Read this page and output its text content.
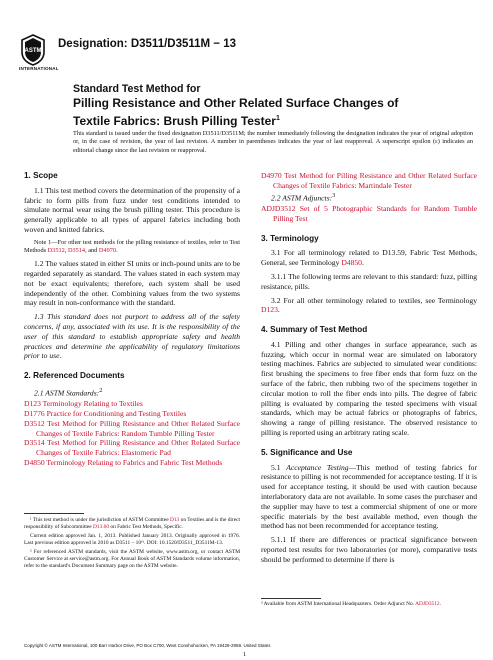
ASTM
INTERNATIONAL
Designation: D3511/D3511M − 13
Standard Test Method for
Pilling Resistance and Other Related Surface Changes of
Textile Fabrics: Brush Pilling Tester$^1$
This standard is issued under the fixed designation D3511/D3511M; the number immediately following the designation indicates the year of original adoption or, in the case of revision, the year of last revision. A number in parentheses indicates the year of last reapproval. A superscript epsilon (ε) indicates an editorial change since the last revision or reapproval.
1. Scope

1.1 This test method covers the determination of the propensity of a fabric to form pills from fuzz under test conditions intended to simulate normal wear using the brush pilling tester. This procedure is generally applicable to all types of apparel fabrics including both woven and knitted fabrics.

Note 1—For other test methods for the pilling resistance of textiles, refer to Test Methods D3512, D3514, and D4970.

1.2 The values stated in either SI units or inch-pound units are to be regarded separately as standard. The values stated in each system may not be exact equivalents; therefore, each system shall be used independently of the other. Combining values from the two systems may result in non-conformance with the standard.

1.3 This standard does not purport to address all of the safety concerns, if any, associated with its use. It is the responsibility of the user of this standard to establish appropriate safety and health practices and determine the applicability of regulatory limitations prior to use.

2. Referenced Documents

2.1 ASTM Standards:$^2$

D123 Terminology Relating to Textiles

D1776 Practice for Conditioning and Testing Textiles

D3512 Test Method for Pilling Resistance and Other Related Surface Changes of Textile Fabrics: Random Tumble Pilling Tester

D3514 Test Method for Pilling Resistance and Other Related Surface Changes of Textile Fabrics: Elastomeric Pad

D4850 Terminology Relating to Fabrics and Fabric Test Methods

¹ This test method is under the jurisdiction of ASTM Committee D13 on Textiles and is the direct responsibility of Subcommittee D13.60 on Fabric Test Methods, Specific.

Current edition approved Jan. 1, 2013. Published January 2013. Originally approved in 1976. Last previous edition approved in 2010 as D3511 – 10ᵉ¹. DOI: 10.1520/D3511_D3511M-13.

² For referenced ASTM standards, visit the ASTM website, www.astm.org, or contact ASTM Customer Service at service@astm.org. For Annual Book of ASTM Standards volume information, refer to the standard's Document Summary page on the ASTM website.

D4970 Test Method for Pilling Resistance and Other Related Surface Changes of Textile Fabrics: Martindale Tester

2.2 ASTM Adjuncts:$^3$

ADJD3512 Set of 5 Photographic Standards for Random Tumble Pilling Test

3. Terminology

3.1 For all terminology related to D13.59, Fabric Test Methods, General, see Terminology D4850.

3.1.1 The following terms are relevant to this standard: fuzz, pilling resistance, pills.

3.2 For all other terminology related to textiles, see Terminology D123.

4. Summary of Test Method

4.1 Pilling and other changes in surface appearance, such as fuzzing, which occur in normal wear are simulated on laboratory testing machines. Fabrics are subjected to simulated wear conditions: first brushing the specimens to free fiber ends that form fuzz on the surface of the fabric, then rubbing two of the specimens together in circular motion to roll the fiber ends into pills. The degree of fabric pilling is evaluated by comparing the tested specimens with visual standards, which may be actual fabrics or photographs of fabrics, showing a range of pilling resistance. The observed resistance to pilling is reported using an arbitrary rating scale.

5. Significance and Use

5.1 Acceptance Testing—This method of testing fabrics for resistance to pilling is not recommended for acceptance testing. If it is used for acceptance testing, it should be used with caution because interlaboratory data are not available. In some cases the purchaser and the supplier may have to test a commercial shipment of one or more specific materials by the best available method, even though the method has not been recommended for acceptance testing.

5.1.1 If there are differences or practical significance between reported test results for two laboratories (or more), comparative tests should be performed to determine if there is

³ Available from ASTM International Headquarters. Order Adjunct No. ADJD3512.
Copyright © ASTM International, 100 Barr Harbor Drive, PO Box C700, West Conshohocken, PA 19428-2959. United States
1
